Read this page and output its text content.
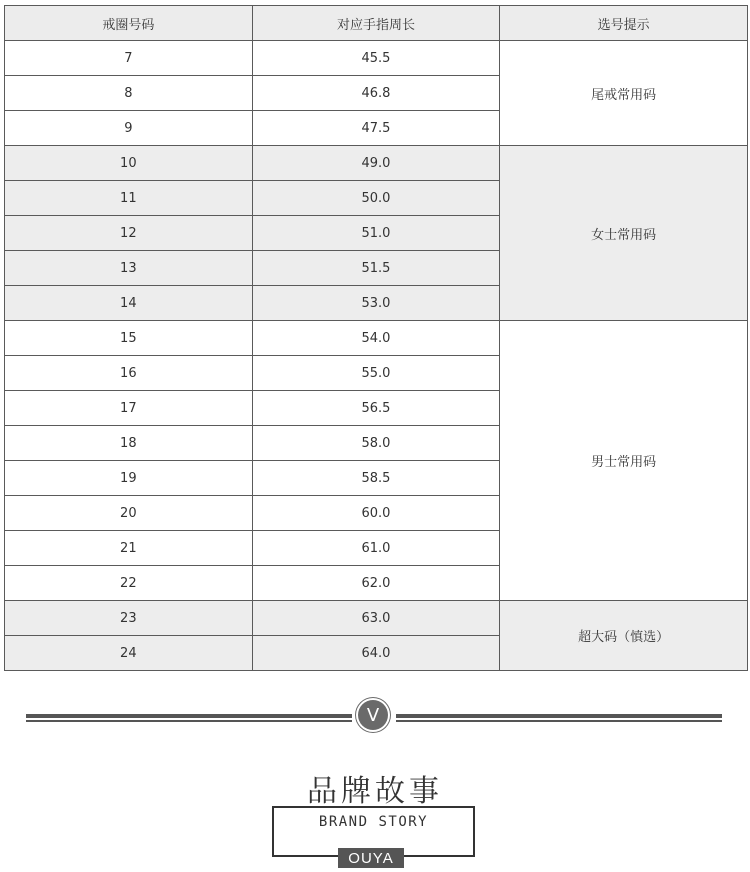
戒圈号码	对应手指周长	选号提示
7	45.5	尾戒常用码
8	46.8	
9	47.5	
10	49.0	女士常用码
11	50.0	
12	51.0	
13	51.5	
14	53.0	
15	54.0	男士常用码
16	55.0	
17	56.5	
18	58.0	
19	58.5	
20	60.0	
21	61.0	
22	62.0	
23	63.0	超大码（慎选）
24	64.0	
V
品牌故事
BRAND STORY
OUYA
